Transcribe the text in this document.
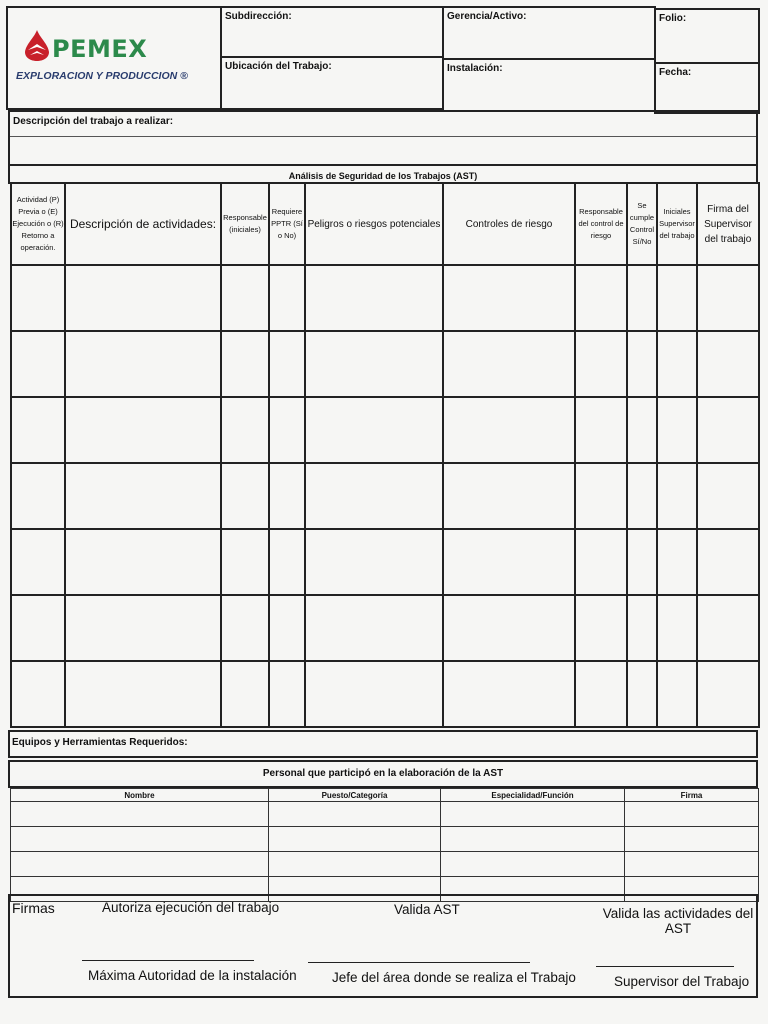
PEMEX
EXPLORACION Y PRODUCCION ®
Subdirección:	Gerencia/Activo:	Folio:
Ubicación del Trabajo:	Instalación:	Fecha:
Descripción del trabajo a realizar:
Análisis de Seguridad de los Trabajos (AST)
Actividad (P) Previa o (E) Ejecución o (R) Retorno a operación.	Descripción de actividades:	Responsable (iniciales)	Requiere PPTR (Sí o No)	Peligros o riesgos potenciales	Controles de riesgo	Responsable del control de riesgo	Se cumple Control Sí/No	Iniciales Supervisor del trabajo	Firma del Supervisor del trabajo

Equipos y Herramientas Requeridos:
Personal que participó en la elaboración de la AST
Nombre	Puesto/Categoría	Especialidad/Función	Firma

Firmas	Autoriza ejecución del trabajo	Valida AST	Valida las actividades del AST
Máxima Autoridad de la instalación	Jefe del área donde se realiza el Trabajo	Supervisor del Trabajo
